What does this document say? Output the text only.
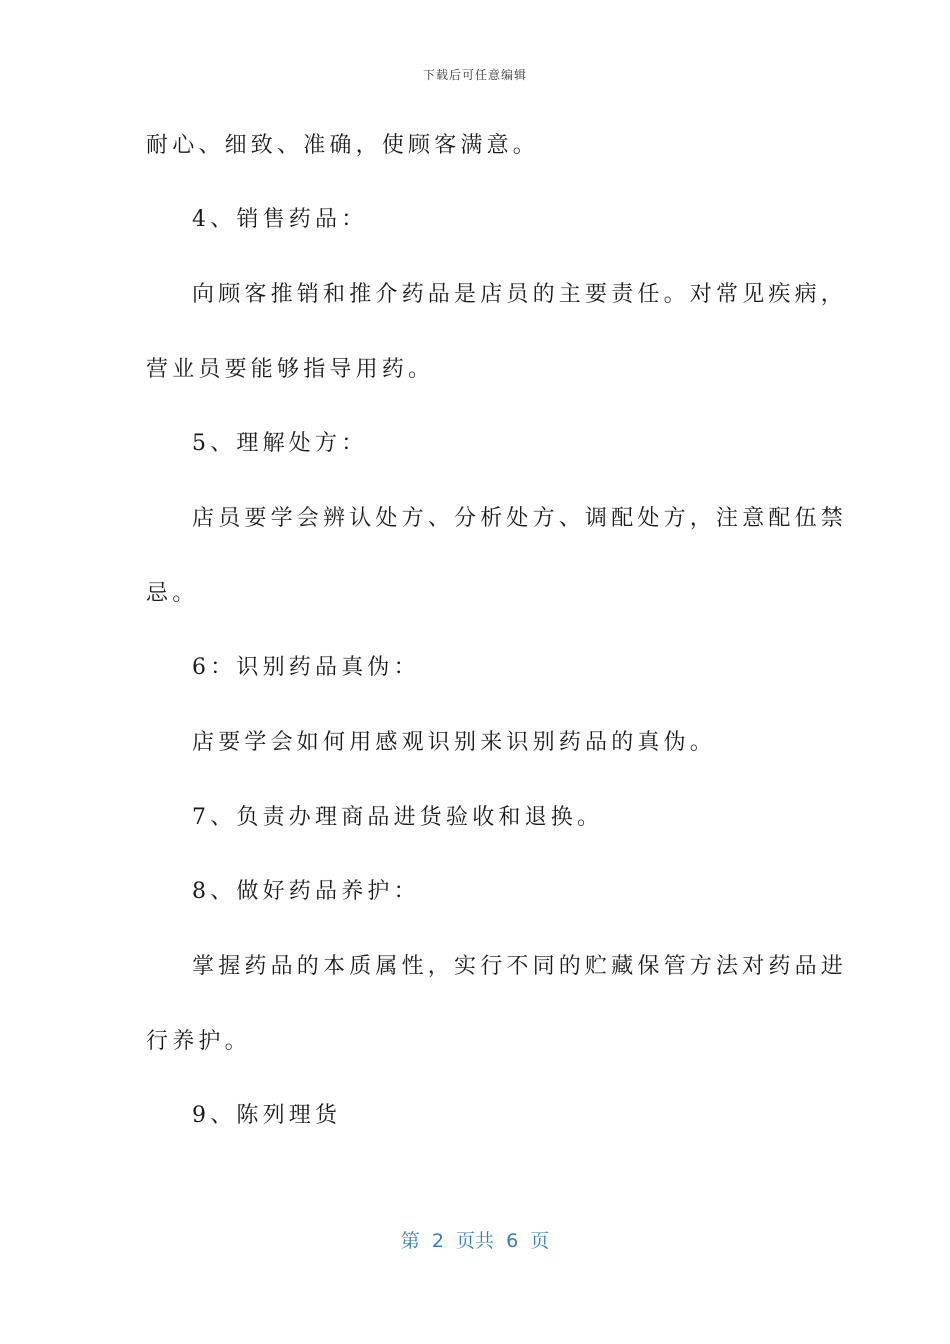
下载后可任意编辑
耐心、细致、准确，使顾客满意。
4、销售药品：
向顾客推销和推介药品是店员的主要责任。对常见疾病，
营业员要能够指导用药。
5、理解处方：
店员要学会辨认处方、分析处方、调配处方，注意配伍禁
忌。
6：识别药品真伪：
店要学会如何用感观识别来识别药品的真伪。
7、负责办理商品进货验收和退换。
8、做好药品养护：
掌握药品的本质属性，实行不同的贮藏保管方法对药品进
行养护。
9、陈列理货
第  2  页共  6  页
